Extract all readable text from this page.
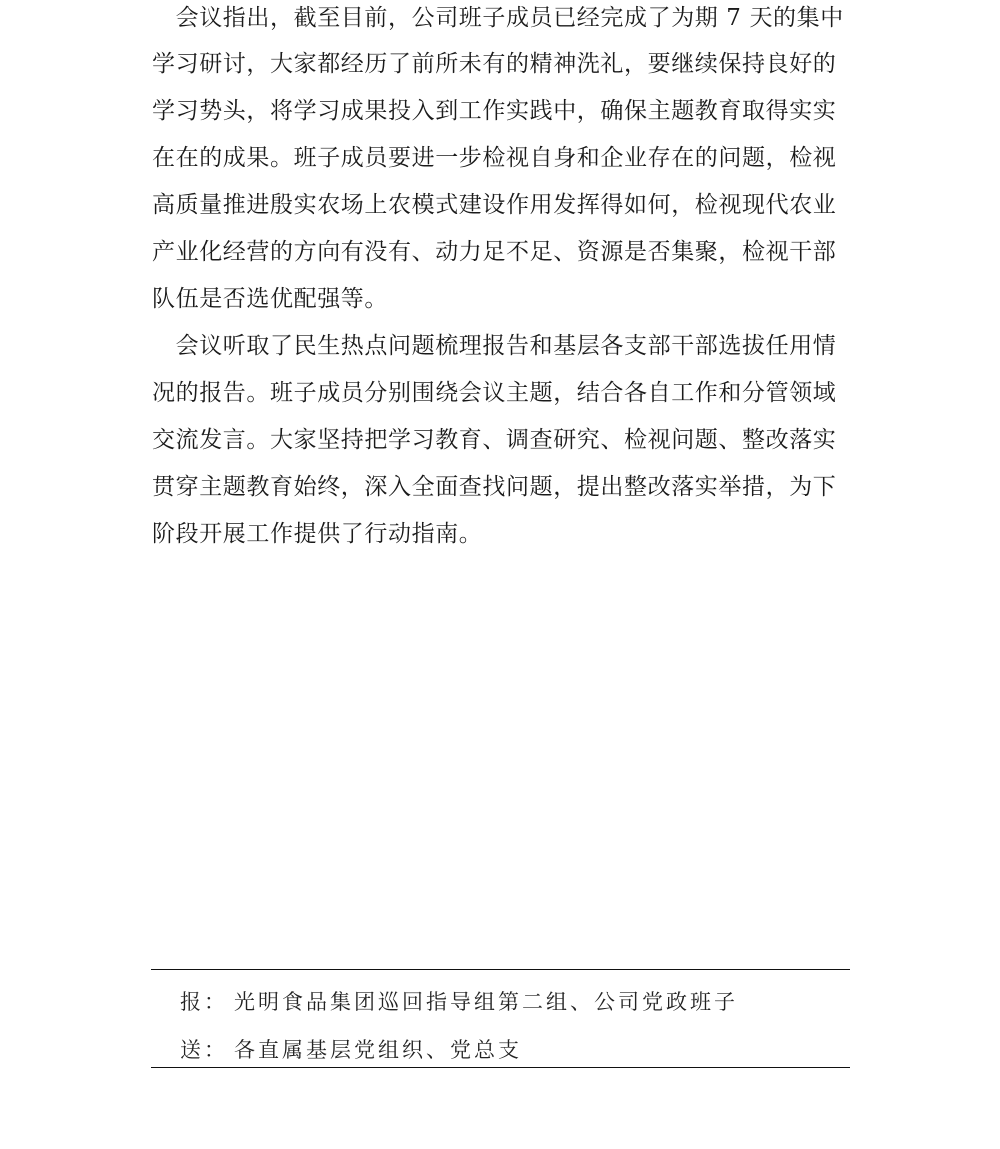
　会议指出，截至目前，公司班子成员已经完成了为期 7 天的集中
学习研讨，大家都经历了前所未有的精神洗礼，要继续保持良好的
学习势头，将学习成果投入到工作实践中，确保主题教育取得实实
在在的成果。班子成员要进一步检视自身和企业存在的问题，检视
高质量推进殷实农场上农模式建设作用发挥得如何，检视现代农业
产业化经营的方向有没有、动力足不足、资源是否集聚，检视干部
队伍是否选优配强等。
　会议听取了民生热点问题梳理报告和基层各支部干部选拔任用情
况的报告。班子成员分别围绕会议主题，结合各自工作和分管领域
交流发言。大家坚持把学习教育、调查研究、检视问题、整改落实
贯穿主题教育始终，深入全面查找问题，提出整改落实举措，为下
阶段开展工作提供了行动指南。
报： 光明食品集团巡回指导组第二组、公司党政班子
送： 各直属基层党组织、党总支
